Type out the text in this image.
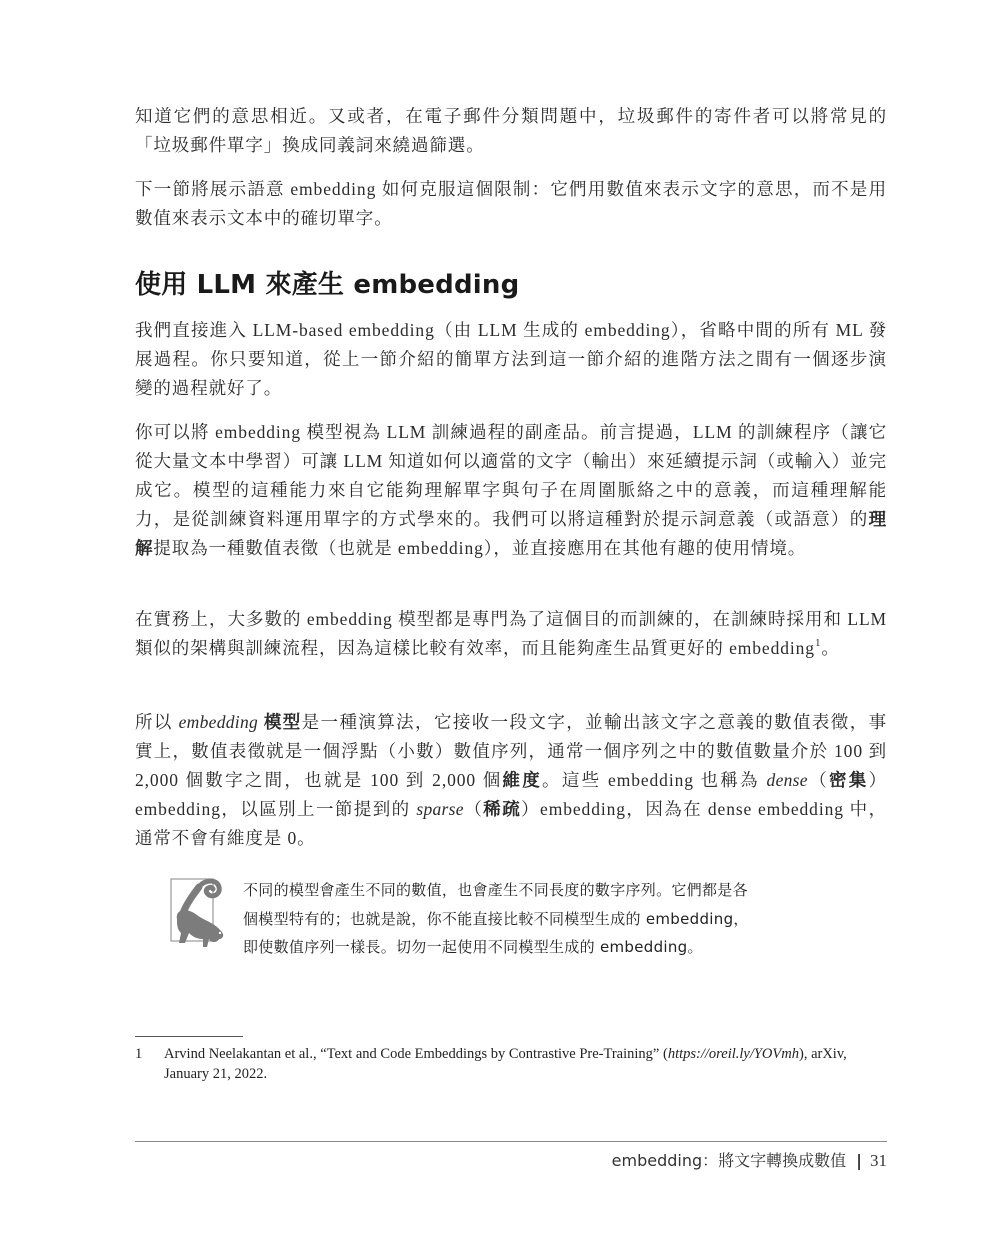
知道它們的意思相近。又或者，在電子郵件分類問題中，垃圾郵件的寄件者可以將常見的「垃圾郵件單字」換成同義詞來繞過篩選。

下一節將展示語意 embedding 如何克服這個限制：它們用數值來表示文字的意思，而不是用數值來表示文本中的確切單字。

使用 LLM 來產生 embedding

我們直接進入 LLM-based embedding（由 LLM 生成的 embedding），省略中間的所有 ML 發展過程。你只要知道，從上一節介紹的簡單方法到這一節介紹的進階方法之間有一個逐步演變的過程就好了。

你可以將 embedding 模型視為 LLM 訓練過程的副產品。前言提過，LLM 的訓練程序（讓它從大量文本中學習）可讓 LLM 知道如何以適當的文字（輸出）來延續提示詞（或輸入）並完成它。模型的這種能力來自它能夠理解單字與句子在周圍脈絡之中的意義，而這種理解能力，是從訓練資料運用單字的方式學來的。我們可以將這種對於提示詞意義（或語意）的理解提取為一種數值表徵（也就是 embedding），並直接應用在其他有趣的使用情境。

在實務上，大多數的 embedding 模型都是專門為了這個目的而訓練的，在訓練時採用和 LLM 類似的架構與訓練流程，因為這樣比較有效率，而且能夠產生品質更好的 embedding$^1$。

所以 embedding 模型是一種演算法，它接收一段文字，並輸出該文字之意義的數值表徵，事實上，數值表徵就是一個浮點（小數）數值序列，通常一個序列之中的數值數量介於 100 到 2,000 個數字之間，也就是 100 到 2,000 個維度。這些 embedding 也稱為 dense（密集）embedding，以區別上一節提到的 sparse（稀疏）embedding，因為在 dense embedding 中，通常不會有維度是 0。

不同的模型會產生不同的數值，也會產生不同長度的數字序列。它們都是各
個模型特有的；也就是說，你不能直接比較不同模型生成的 embedding，
即使數值序列一樣長。切勿一起使用不同模型生成的 embedding。
1 Arvind Neelakantan et al., “Text and Code Embeddings by Contrastive Pre-Training” (https://oreil.ly/YOVmh), arXiv, January 21, 2022.
embedding：將文字轉換成數值 | 31
